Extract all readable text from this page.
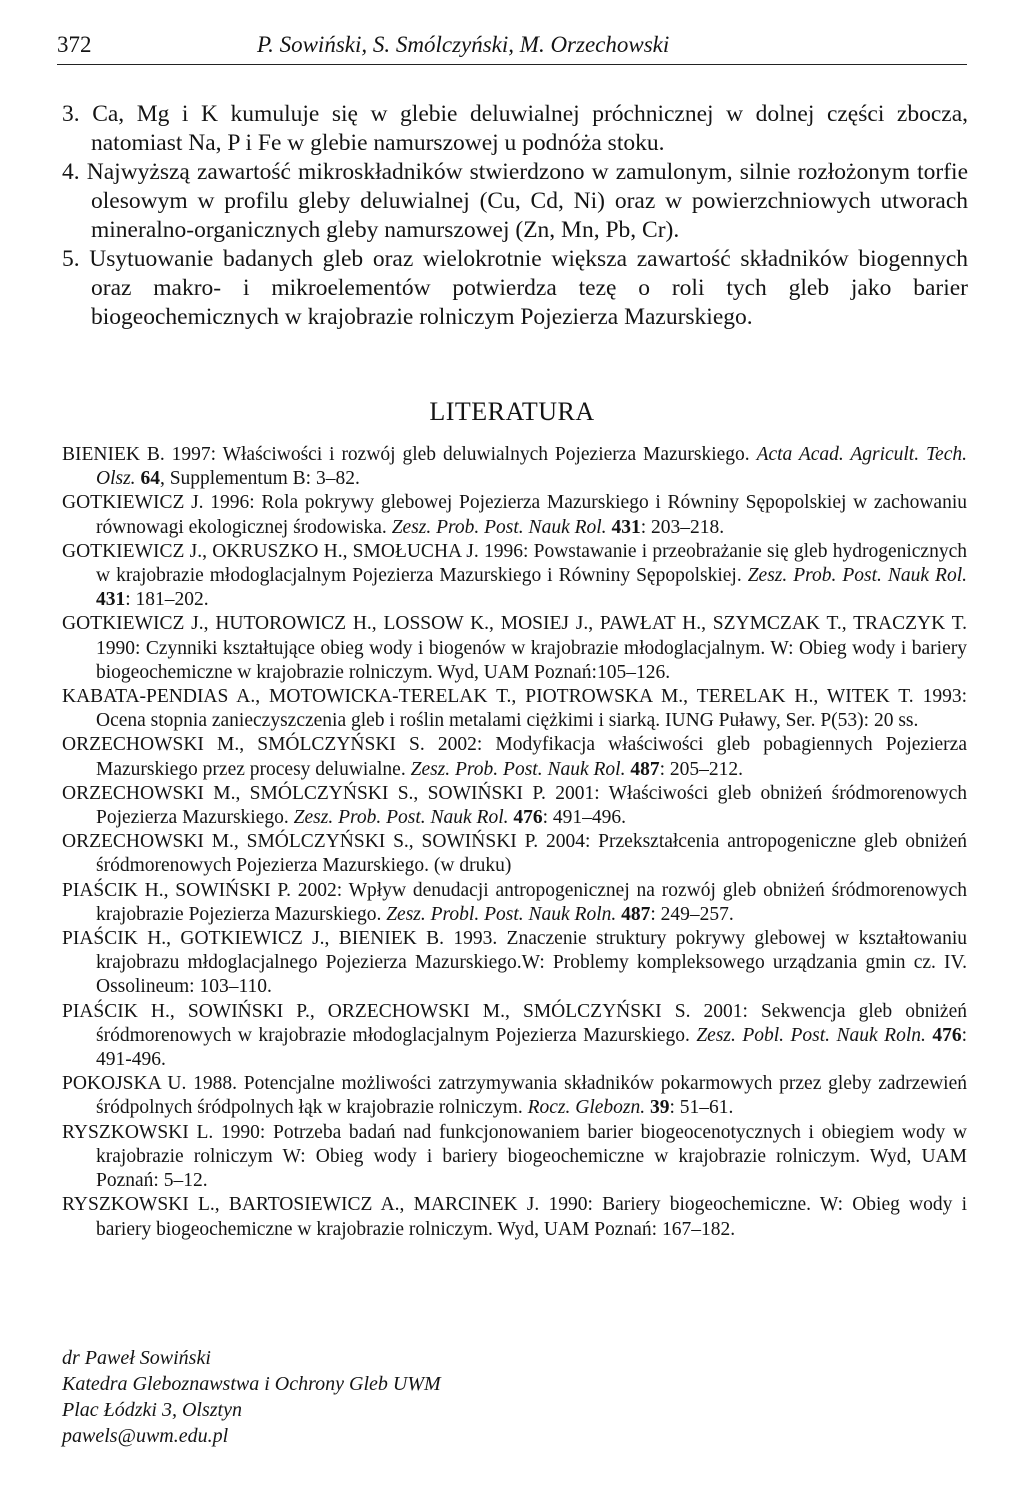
372	P. Sowiński, S. Smólczyński, M. Orzechowski

3. Ca, Mg i K kumuluje się w glebie deluwialnej próchnicznej w dolnej części zbocza, natomiast Na, P i Fe w glebie namurszowej u podnóża stoku.

4. Najwyższą zawartość mikroskładników stwierdzono w zamulonym, silnie rozłożonym torfie olesowym w profilu gleby deluwialnej (Cu, Cd, Ni) oraz w powierzchniowych utworach mineralno-organicznych gleby namurszowej (Zn, Mn, Pb, Cr).

5. Usytuowanie badanych gleb oraz wielokrotnie większa zawartość składników biogennych oraz makro- i mikroelementów potwierdza tezę o roli tych gleb jako barier biogeochemicznych w krajobrazie rolniczym Pojezierza Mazurskiego.

LITERATURA

BIENIEK B. 1997: Właściwości i rozwój gleb deluwialnych Pojezierza Mazurskiego. Acta Acad. Agricult. Tech. Olsz. 64, Supplementum B: 3–82.

GOTKIEWICZ J. 1996: Rola pokrywy glebowej Pojezierza Mazurskiego i Równiny Sępopolskiej w zachowaniu równowagi ekologicznej środowiska. Zesz. Prob. Post. Nauk Rol. 431: 203–218.

GOTKIEWICZ J., OKRUSZKO H., SMOŁUCHA J. 1996: Powstawanie i przeobrażanie się gleb hydrogenicznych w krajobrazie młodoglacjalnym Pojezierza Mazurskiego i Równiny Sępopolskiej. Zesz. Prob. Post. Nauk Rol. 431: 181–202.

GOTKIEWICZ J., HUTOROWICZ H., LOSSOW K., MOSIEJ J., PAWŁAT H., SZYMCZAK T., TRACZYK T. 1990: Czynniki kształtujące obieg wody i biogenów w krajobrazie młodoglacjalnym. W: Obieg wody i bariery biogeochemiczne w krajobrazie rolniczym. Wyd, UAM Poznań:105–126.

KABATA-PENDIAS A., MOTOWICKA-TERELAK T., PIOTROWSKA M., TERELAK H., WITEK T. 1993: Ocena stopnia zanieczyszczenia gleb i roślin metalami ciężkimi i siarką. IUNG Puławy, Ser. P(53): 20 ss.

ORZECHOWSKI M., SMÓLCZYŃSKI S. 2002: Modyfikacja właściwości gleb pobagiennych Pojezierza Mazurskiego przez procesy deluwialne. Zesz. Prob. Post. Nauk Rol. 487: 205–212.

ORZECHOWSKI M., SMÓLCZYŃSKI S., SOWIŃSKI P. 2001: Właściwości gleb obniżeń śródmorenowych Pojezierza Mazurskiego. Zesz. Prob. Post. Nauk Rol. 476: 491–496.

ORZECHOWSKI M., SMÓLCZYŃSKI S., SOWIŃSKI P. 2004: Przekształcenia antropogeniczne gleb obniżeń śródmorenowych Pojezierza Mazurskiego. (w druku)

PIAŚCIK H., SOWIŃSKI P. 2002: Wpływ denudacji antropogenicznej na rozwój gleb obniżeń śródmorenowych krajobrazie Pojezierza Mazurskiego. Zesz. Probl. Post. Nauk Roln. 487: 249–257.

PIAŚCIK H., GOTKIEWICZ J., BIENIEK B. 1993. Znaczenie struktury pokrywy glebowej w kształtowaniu krajobrazu młdoglacjalnego Pojezierza Mazurskiego.W: Problemy kompleksowego urządzania gmin cz. IV. Ossolineum: 103–110.

PIAŚCIK H., SOWIŃSKI P., ORZECHOWSKI M., SMÓLCZYŃSKI S. 2001: Sekwencja gleb obniżeń śródmorenowych w krajobrazie młodoglacjalnym Pojezierza Mazurskiego. Zesz. Pobl. Post. Nauk Roln. 476: 491-496.

POKOJSKA U. 1988. Potencjalne możliwości zatrzymywania składników pokarmowych przez gleby zadrzewień śródpolnych śródpolnych łąk w krajobrazie rolniczym. Rocz. Glebozn. 39: 51–61.

RYSZKOWSKI L. 1990: Potrzeba badań nad funkcjonowaniem barier biogeocenotycznych i obiegiem wody w krajobrazie rolniczym W: Obieg wody i bariery biogeochemiczne w krajobrazie rolniczym. Wyd, UAM Poznań: 5–12.

RYSZKOWSKI L., BARTOSIEWICZ A., MARCINEK J. 1990: Bariery biogeochemiczne. W: Obieg wody i bariery biogeochemiczne w krajobrazie rolniczym. Wyd, UAM Poznań: 167–182.

dr Paweł Sowiński
Katedra Gleboznawstwa i Ochrony Gleb UWM
Plac Łódzki 3, Olsztyn
pawels@uwm.edu.pl
